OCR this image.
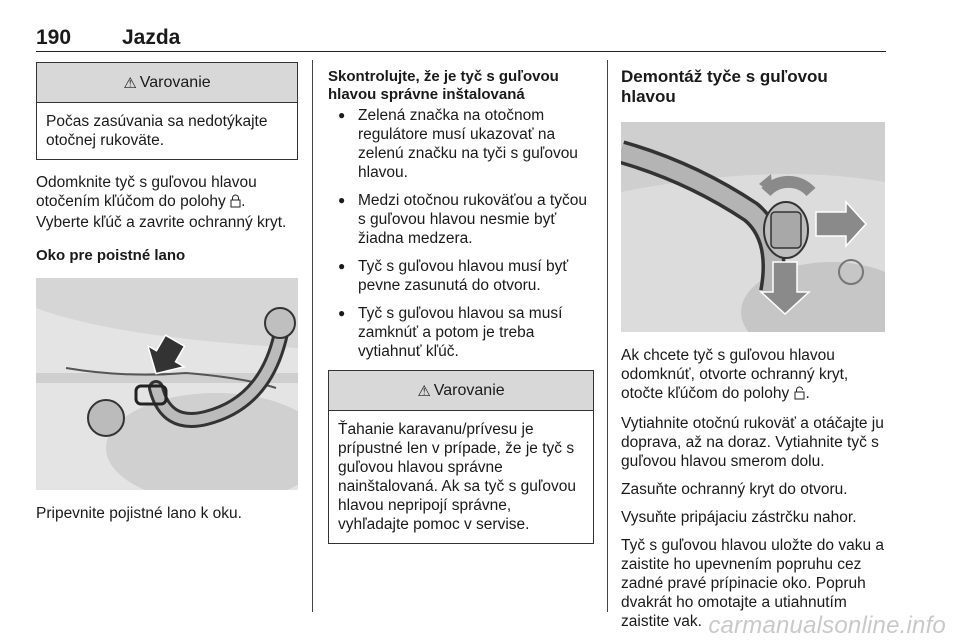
190 Jazda
⚠ Varovanie
Počas zasúvania sa nedotýkajte otočnej rukoväte.

Odomknite tyč s guľovou hlavou otočením kľúčom do polohy .

Vyberte kľúč a zavrite ochranný kryt.

Oko pre poistné lano

Pripevnite pojistné lano k oku.

Skontrolujte, že je tyč s guľovou hlavou správne inštalovaná

● Zelená značka na otočnom regulátore musí ukazovať na zelenú značku na tyči s guľovou hlavou.
● Medzi otočnou rukoväťou a tyčou s guľovou hlavou nesmie byť žiadna medzera.
● Tyč s guľovou hlavou musí byť pevne zasunutá do otvoru.
● Tyč s guľovou hlavou sa musí zamknúť a potom je treba vytiahnuť kľúč.
⚠ Varovanie
Ťahanie karavanu/prívesu je prípustné len v prípade, že je tyč s guľovou hlavou správne nainštalovaná. Ak sa tyč s guľovou hlavou nepripojí správne, vyhľadajte pomoc v servise.

Demontáž tyče s guľovou hlavou

Ak chcete tyč s guľovou hlavou odomknúť, otvorte ochranný kryt, otočte kľúčom do polohy .

Vytiahnite otočnú rukoväť a otáčajte ju doprava, až na doraz. Vytiahnite tyč s guľovou hlavou smerom dolu.

Zasuňte ochranný kryt do otvoru.

Vysuňte pripájaciu zástrčku nahor.

Tyč s guľovou hlavou uložte do vaku a zaistite ho upevnením popruhu cez zadné pravé prípinacie oko. Popruh dvakrát ho omotajte a utiahnutím zaistite vak. carmanualsonline.info
